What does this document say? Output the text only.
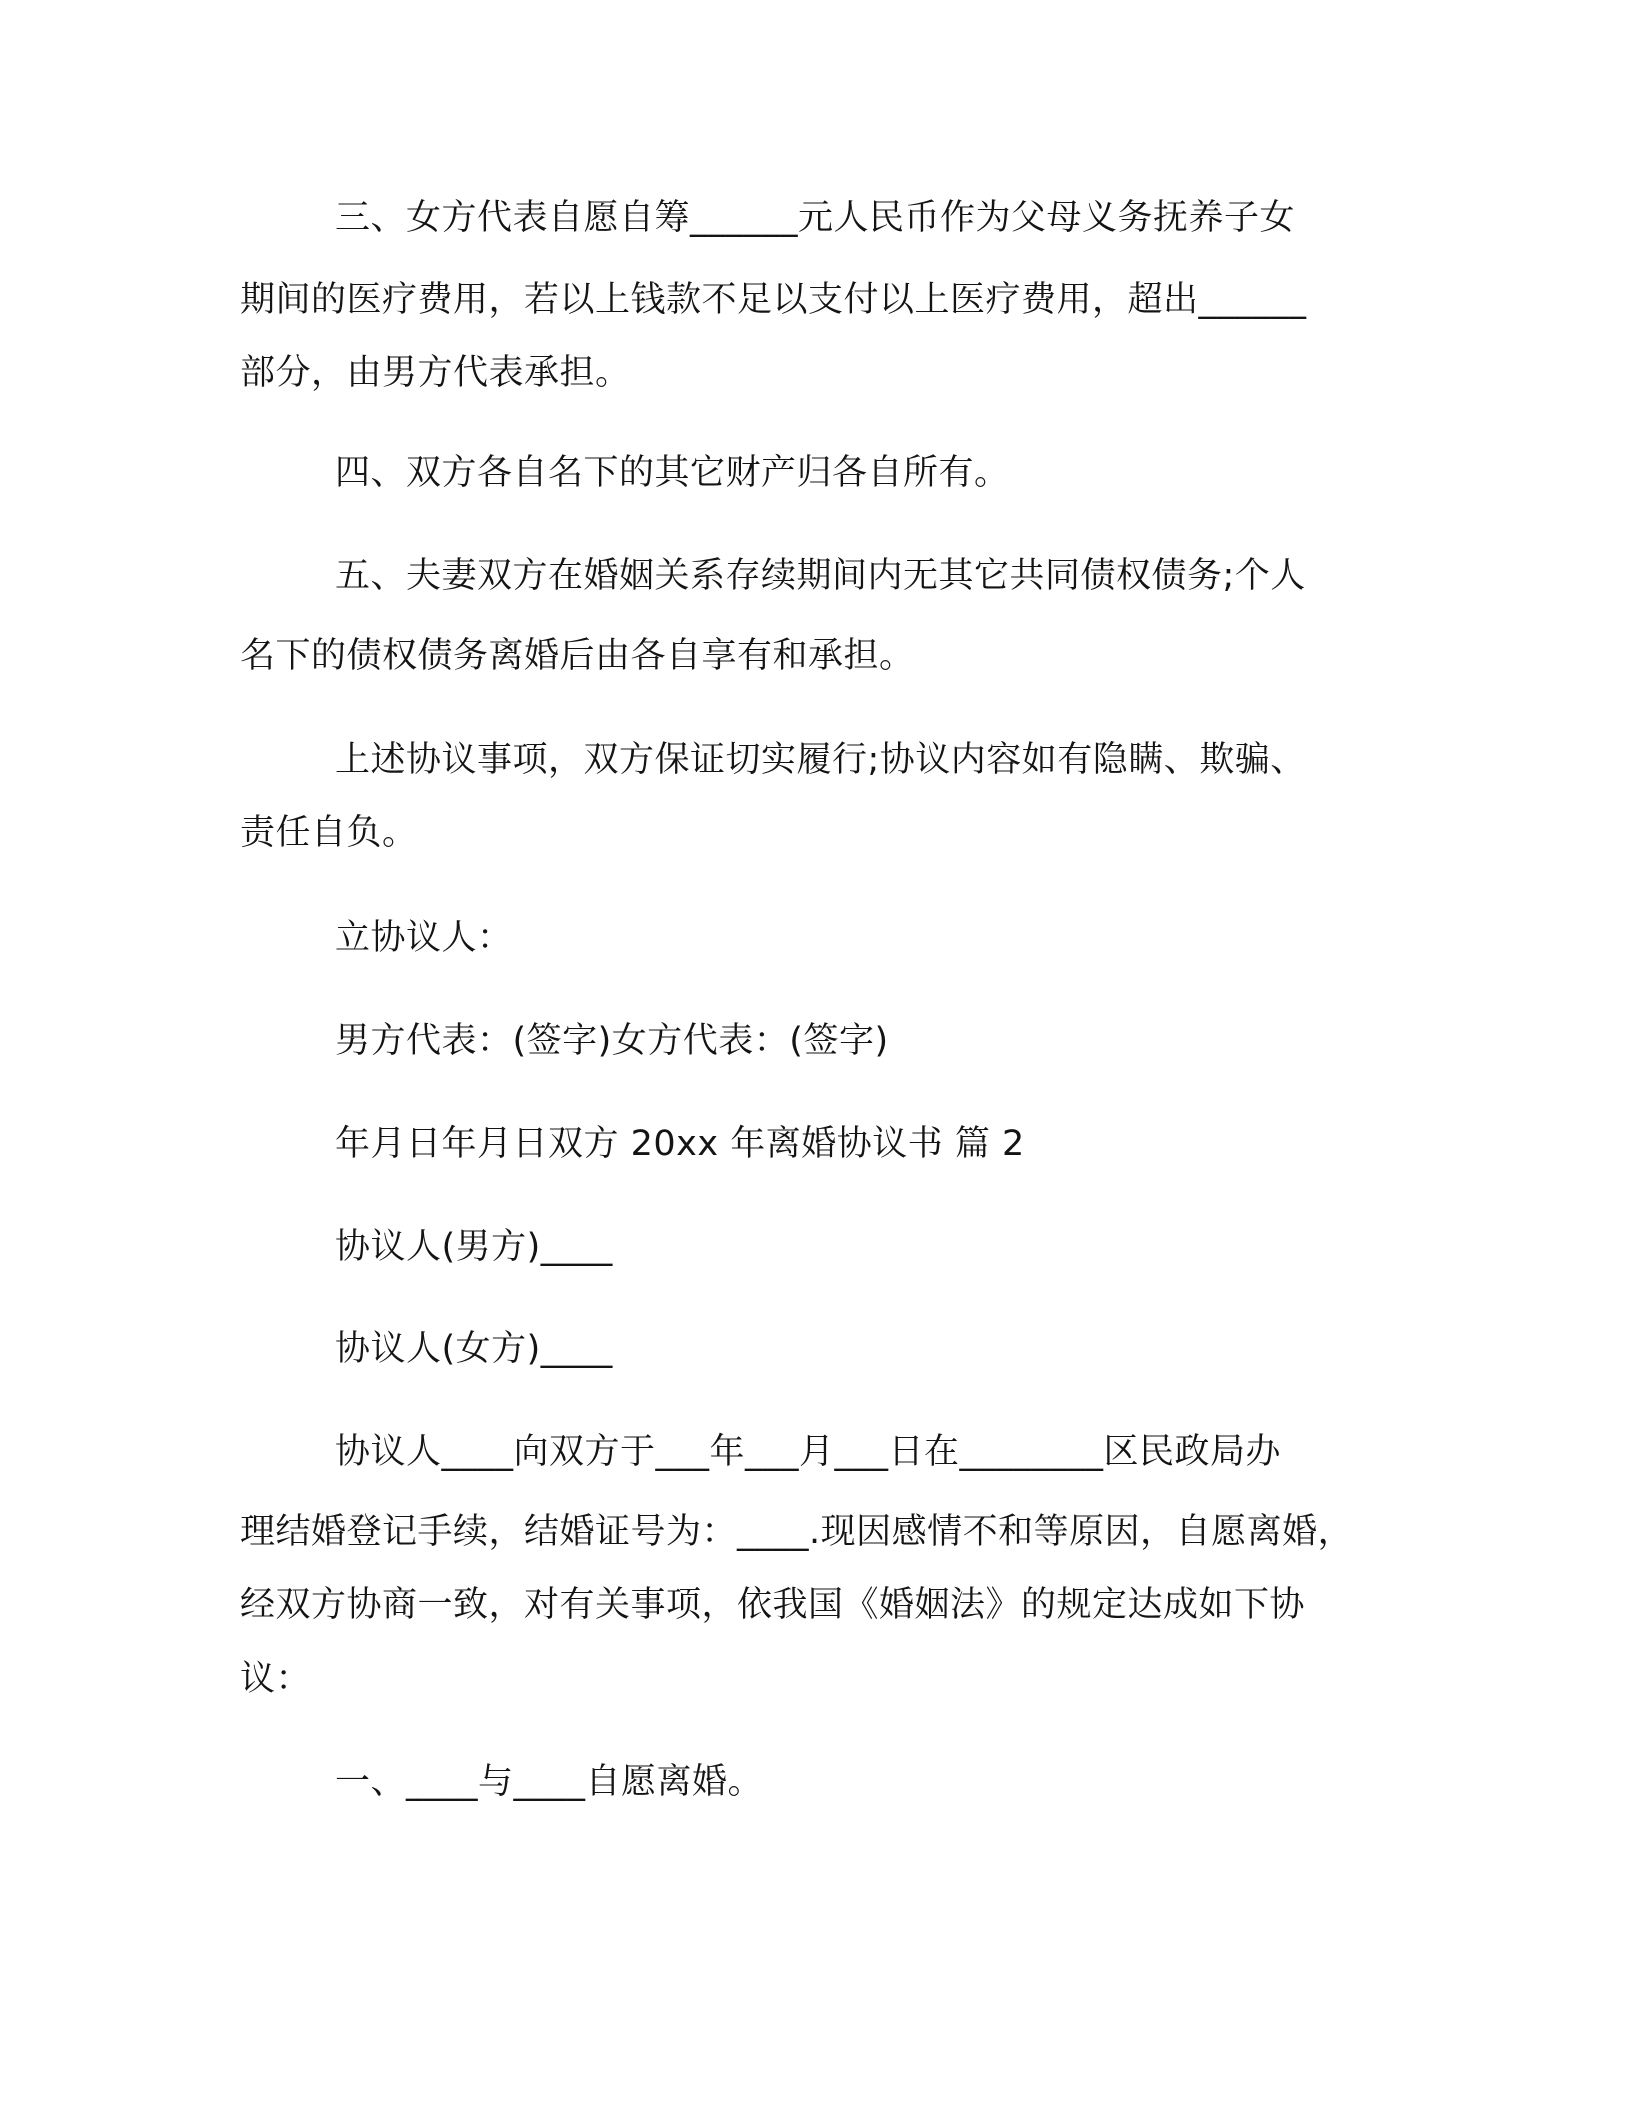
三、女方代表自愿自筹______元人民币作为父母义务抚养子女
期间的医疗费用，若以上钱款不足以支付以上医疗费用，超出______
部分，由男方代表承担。
四、双方各自名下的其它财产归各自所有。
五、夫妻双方在婚姻关系存续期间内无其它共同债权债务;个人
名下的债权债务离婚后由各自享有和承担。
上述协议事项，双方保证切实履行;协议内容如有隐瞒、欺骗、
责任自负。
立协议人：
男方代表：(签字)女方代表：(签字)
年月日年月日双方 20xx 年离婚协议书 篇 2
协议人(男方)____
协议人(女方)____
协议人____向双方于___年___月___日在________区民政局办
理结婚登记手续，结婚证号为：____.现因感情不和等原因，自愿离婚，
经双方协商一致，对有关事项，依我国《婚姻法》的规定达成如下协
议：
一、____与____自愿离婚。
